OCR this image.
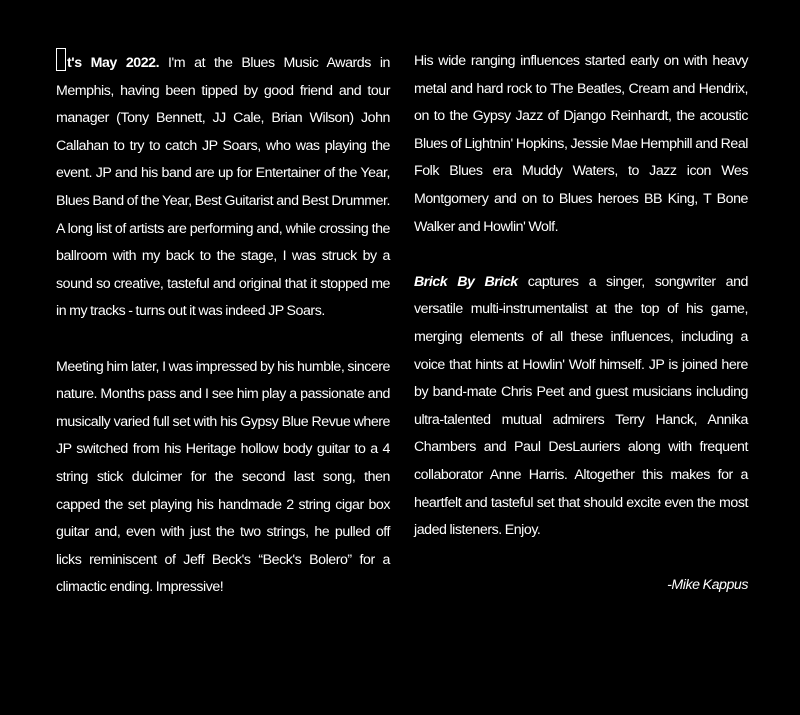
t's May 2022. I'm at the Blues Music Awards in Memphis, having been tipped by good friend and tour manager (Tony Bennett, JJ Cale, Brian Wilson) John Callahan to try to catch JP Soars, who was playing the event. JP and his band are up for Entertainer of the Year, Blues Band of the Year, Best Guitarist and Best Drummer. A long list of artists are performing and, while crossing the ballroom with my back to the stage, I was struck by a sound so creative, tasteful and original that it stopped me in my tracks - turns out it was indeed JP Soars.

Meeting him later, I was impressed by his humble, sincere nature. Months pass and I see him play a passionate and musically varied full set with his Gypsy Blue Revue where JP switched from his Heritage hollow body guitar to a 4 string stick dulcimer for the second last song, then capped the set playing his handmade 2 string cigar box guitar and, even with just the two strings, he pulled off licks reminiscent of Jeff Beck's “Beck's Bolero” for a climactic ending. Impressive!

His wide ranging influences started early on with heavy metal and hard rock to The Beatles, Cream and Hendrix, on to the Gypsy Jazz of Django Reinhardt, the acoustic Blues of Lightnin' Hopkins, Jessie Mae Hemphill and Real Folk Blues era Muddy Waters, to Jazz icon Wes Montgomery and on to Blues heroes BB King, T Bone Walker and Howlin' Wolf.

Brick By Brick captures a singer, songwriter and versatile multi-instrumentalist at the top of his game, merging elements of all these influences, including a voice that hints at Howlin' Wolf himself. JP is joined here by band-mate Chris Peet and guest musicians including ultra-talented mutual admirers Terry Hanck, Annika Chambers and Paul DesLauriers along with frequent collaborator Anne Harris. Altogether this makes for a heartfelt and tasteful set that should excite even the most jaded listeners. Enjoy.

-Mike Kappus
